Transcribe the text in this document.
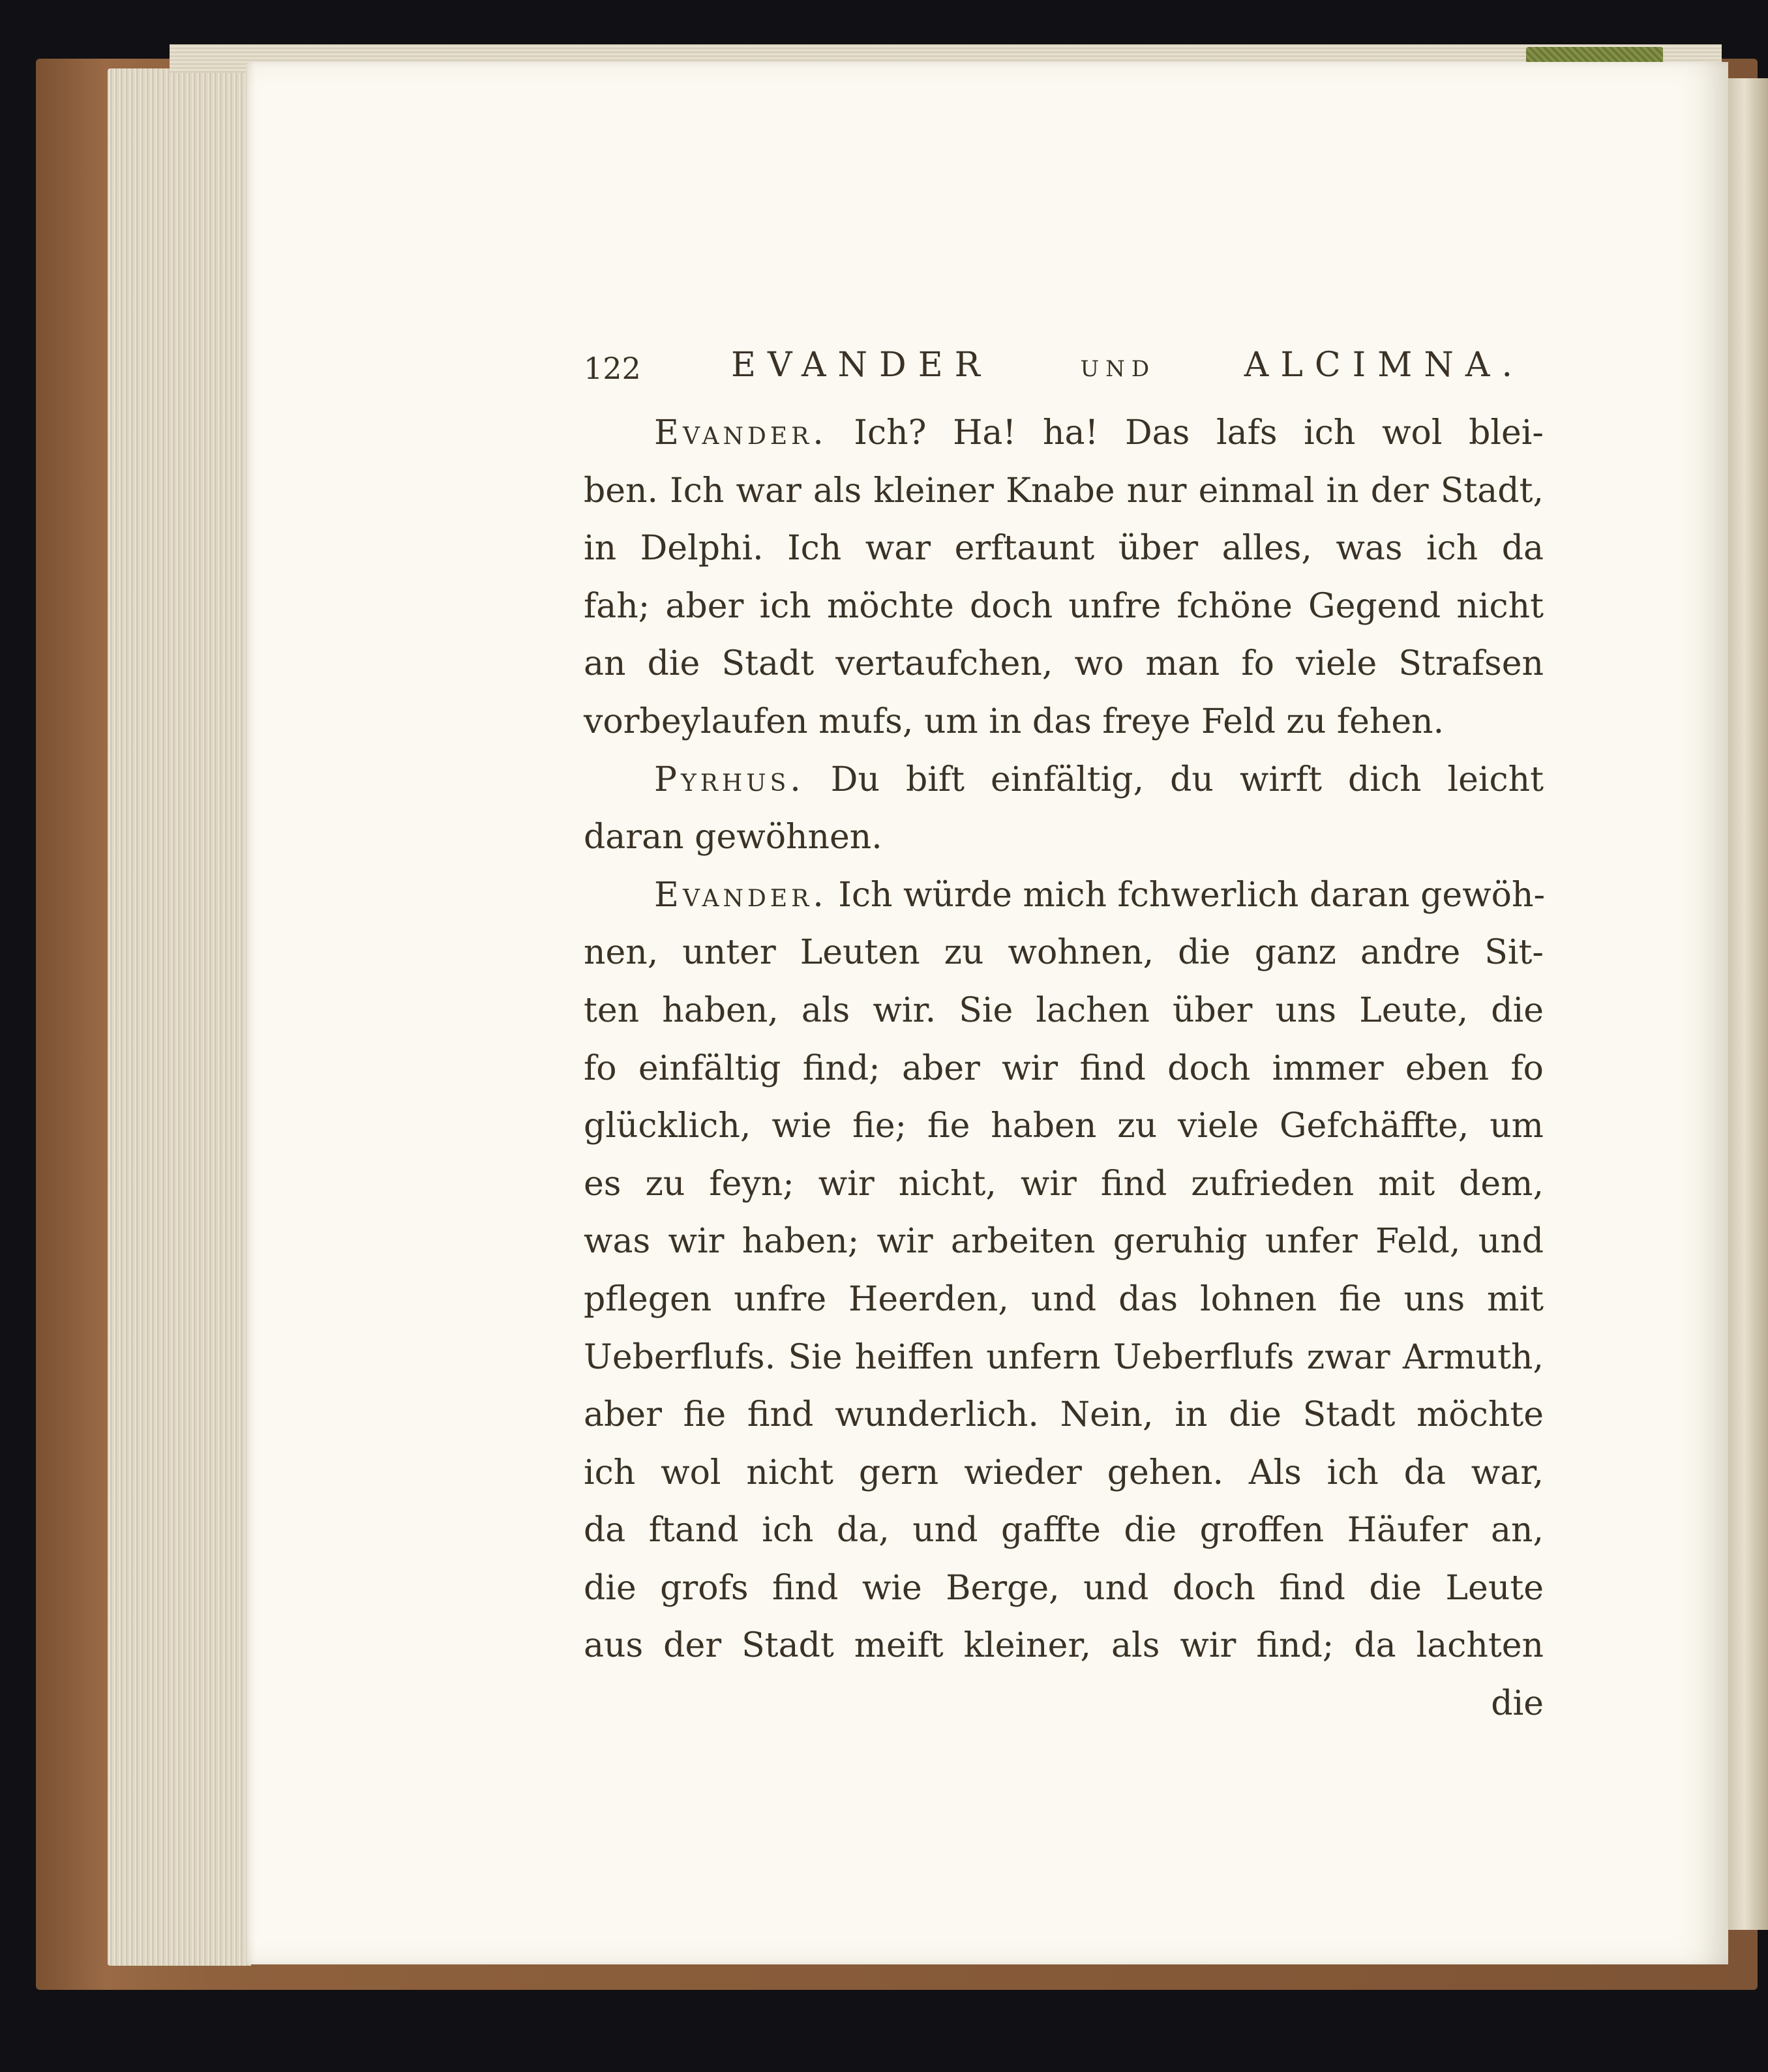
122	EVANDER	UND	ALCIMNA.
Evander. Ich? Ha! ha! Das lafs ich wol blei-
ben. Ich war als kleiner Knabe nur einmal in der Stadt,
in Delphi. Ich war erftaunt über alles, was ich da
fah; aber ich möchte doch unfre fchöne Gegend nicht
an die Stadt vertaufchen, wo man fo viele Strafsen
vorbeylaufen mufs, um in das freye Feld zu fehen.
Pyrhus. Du bift einfältig, du wirft dich leicht
daran gewöhnen.
Evander. Ich würde mich fchwerlich daran gewöh-
nen, unter Leuten zu wohnen, die ganz andre Sit-
ten haben, als wir. Sie lachen über uns Leute, die
fo einfältig find; aber wir find doch immer eben fo
glücklich, wie fie; fie haben zu viele Gefchäffte, um
es zu feyn; wir nicht, wir find zufrieden mit dem,
was wir haben; wir arbeiten geruhig unfer Feld, und
pflegen unfre Heerden, und das lohnen fie uns mit
Ueberflufs. Sie heiffen unfern Ueberflufs zwar Armuth,
aber fie find wunderlich. Nein, in die Stadt möchte
ich wol nicht gern wieder gehen. Als ich da war,
da ftand ich da, und gaffte die groffen Häufer an,
die grofs find wie Berge, und doch find die Leute
aus der Stadt meift kleiner, als wir find; da lachten
die
